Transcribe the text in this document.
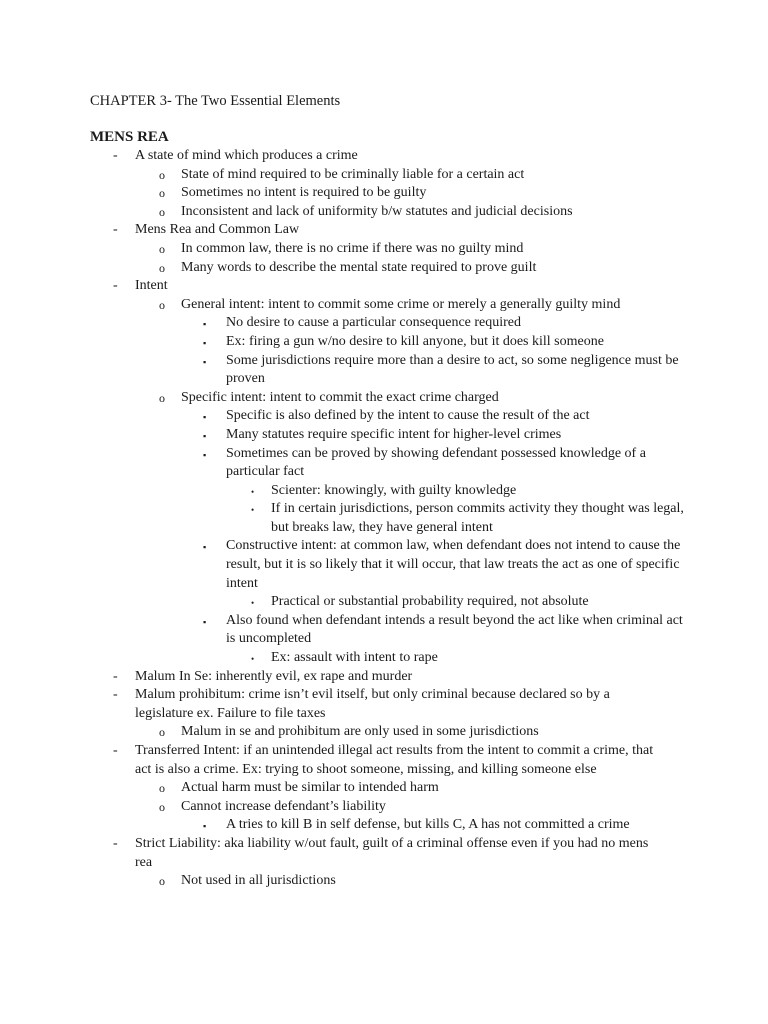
CHAPTER 3- The Two Essential Elements
MENS REA
- A state of mind which produces a crime
o State of mind required to be criminally liable for a certain act
o Sometimes no intent is required to be guilty
o Inconsistent and lack of uniformity b/w statutes and judicial decisions
- Mens Rea and Common Law
o In common law, there is no crime if there was no guilty mind
o Many words to describe the mental state required to prove guilt
- Intent
o General intent: intent to commit some crime or merely a generally guilty mind
▪ No desire to cause a particular consequence required
▪ Ex: firing a gun w/no desire to kill anyone, but it does kill someone
▪ Some jurisdictions require more than a desire to act, so some negligence must be proven
o Specific intent: intent to commit the exact crime charged
▪ Specific is also defined by the intent to cause the result of the act
▪ Many statutes require specific intent for higher-level crimes
▪ Sometimes can be proved by showing defendant possessed knowledge of a particular fact
• Scienter: knowingly, with guilty knowledge
• If in certain jurisdictions, person commits activity they thought was legal, but breaks law, they have general intent
▪ Constructive intent: at common law, when defendant does not intend to cause the result, but it is so likely that it will occur, that law treats the act as one of specific intent
• Practical or substantial probability required, not absolute
▪ Also found when defendant intends a result beyond the act like when criminal act is uncompleted
• Ex: assault with intent to rape
- Malum In Se: inherently evil, ex rape and murder
- Malum prohibitum: crime isn’t evil itself, but only criminal because declared so by a legislature ex. Failure to file taxes
o Malum in se and prohibitum are only used in some jurisdictions
- Transferred Intent: if an unintended illegal act results from the intent to commit a crime, that act is also a crime. Ex: trying to shoot someone, missing, and killing someone else
o Actual harm must be similar to intended harm
o Cannot increase defendant’s liability
▪ A tries to kill B in self defense, but kills C, A has not committed a crime
- Strict Liability: aka liability w/out fault, guilt of a criminal offense even if you had no mens rea
o Not used in all jurisdictions
